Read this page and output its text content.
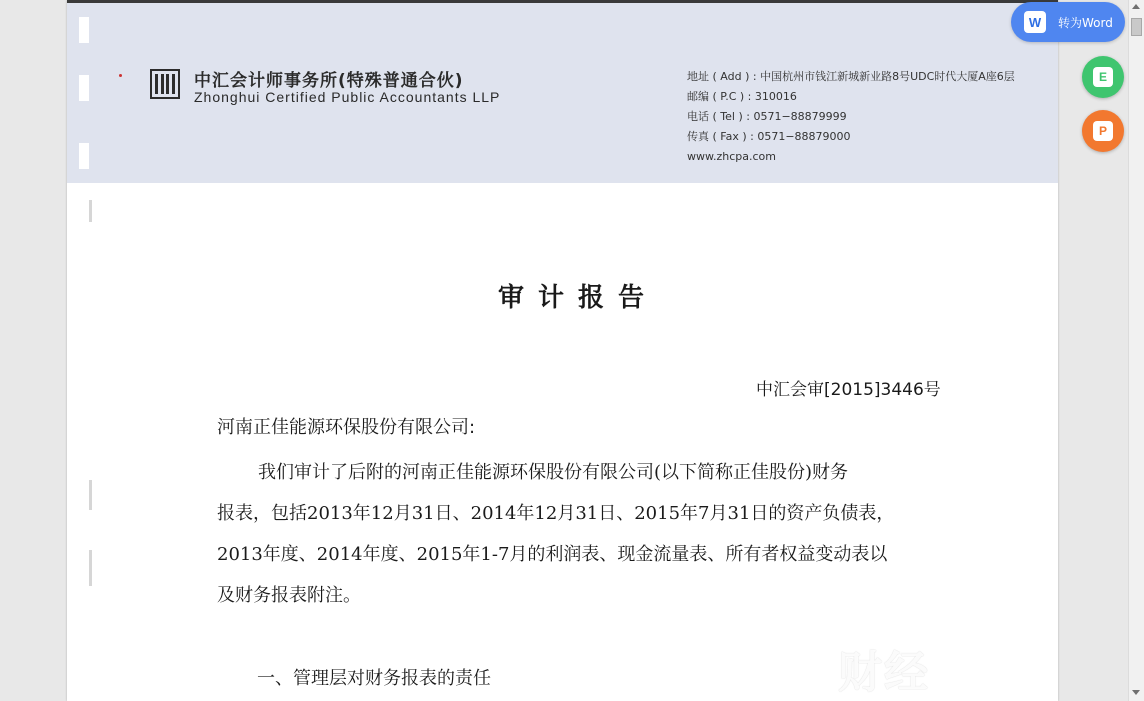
中汇会计师事务所(特殊普通合伙)
Zhonghui Certified Public Accountants LLP
地址 ( Add ) : 中国杭州市钱江新城新业路8号UDC时代大厦A座6层
邮编 ( P.C ) : 310016
电话 ( Tel ) : 0571−88879999
传真 ( Fax ) : 0571−88879000
www.zhcpa.com
审计报告
中汇会审[2015]3446号
河南正佳能源环保股份有限公司:
我们审计了后附的河南正佳能源环保股份有限公司(以下简称正佳股份)财务
报表，包括2013年12月31日、2014年12月31日、2015年7月31日的资产负债表，
2013年度、2014年度、2015年1-7月的利润表、现金流量表、所有者权益变动表以
及财务报表附注。
一、管理层对财务报表的责任
W	转为Word
E
P
新三板财经
